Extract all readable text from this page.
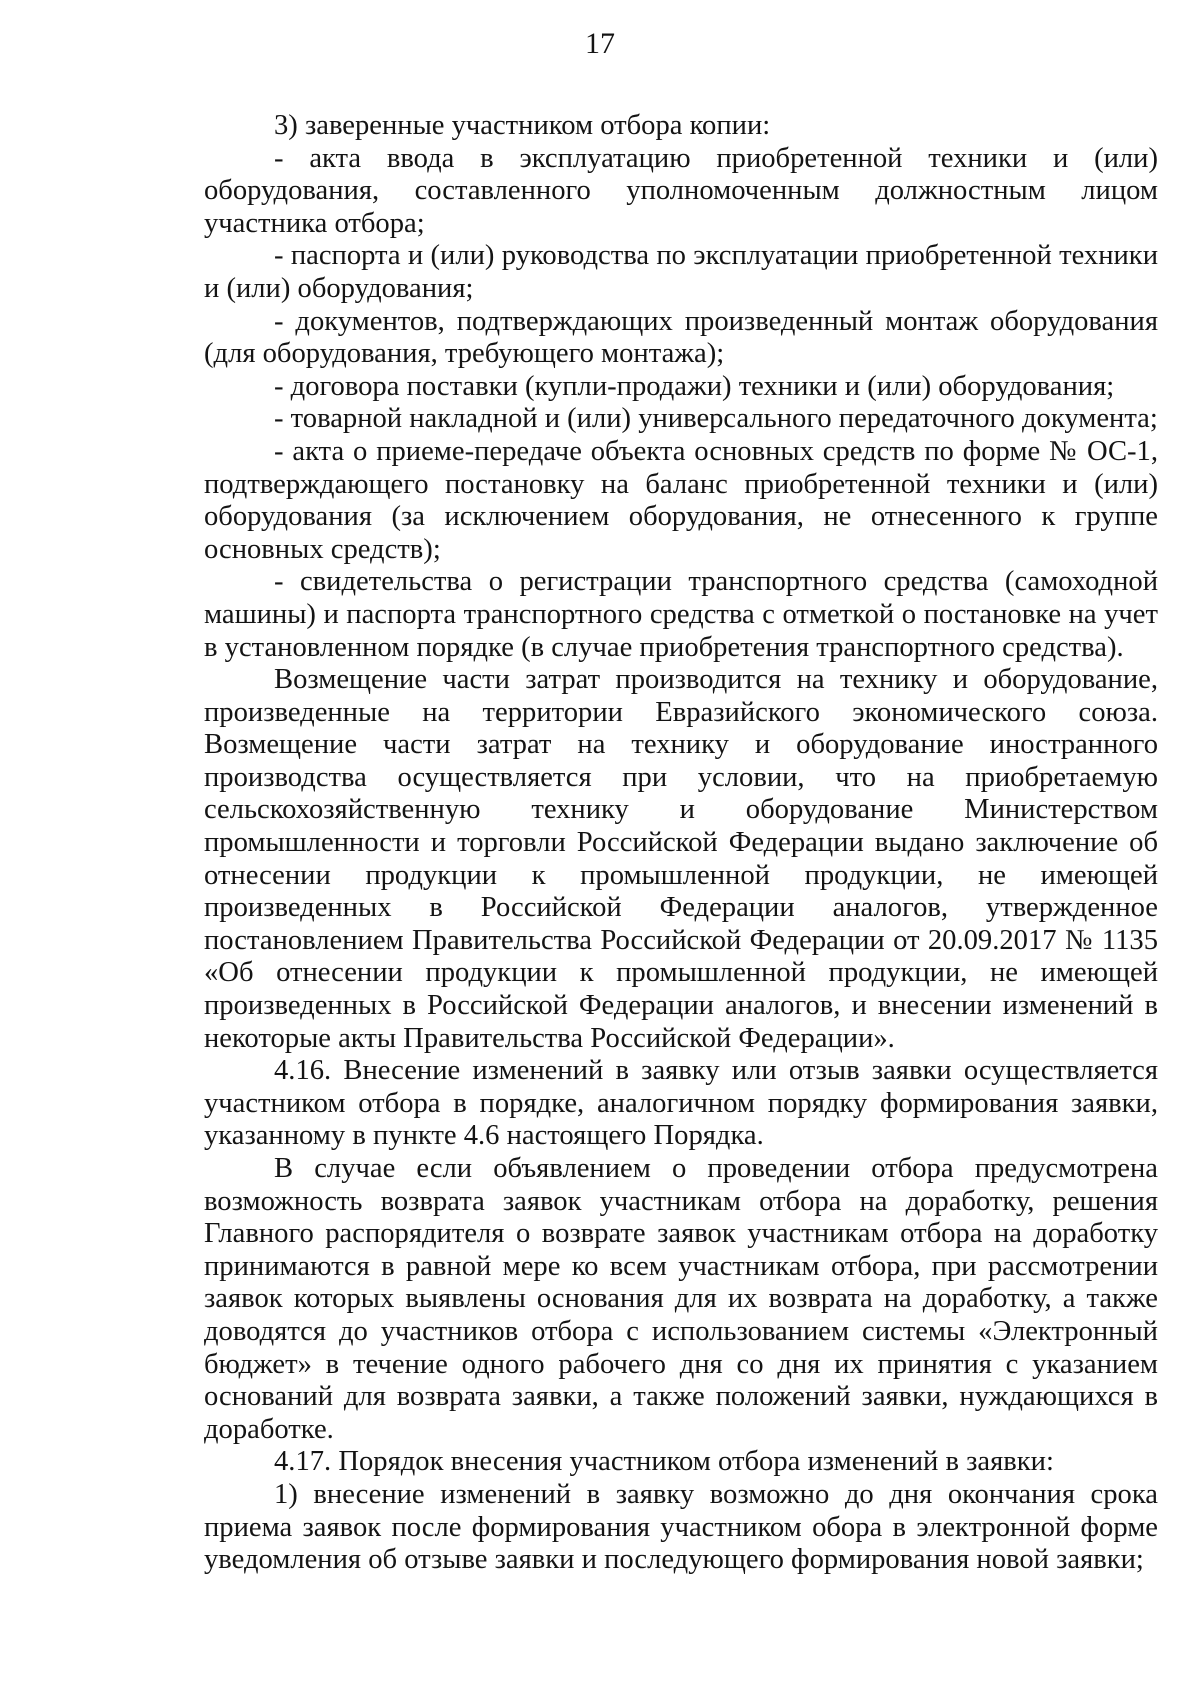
17

3) заверенные участником отбора копии:

- акта ввода в эксплуатацию приобретенной техники и (или) оборудования, составленного уполномоченным должностным лицом участника отбора;

- паспорта и (или) руководства по эксплуатации приобретенной техники и (или) оборудования;

- документов, подтверждающих произведенный монтаж оборудования (для оборудования, требующего монтажа);

- договора поставки (купли-продажи) техники и (или) оборудования;

- товарной накладной и (или) универсального передаточного документа;

- акта о приеме-передаче объекта основных средств по форме № ОС-1, подтверждающего постановку на баланс приобретенной техники и (или) оборудования (за исключением оборудования, не отнесенного к группе основных средств);

- свидетельства о регистрации транспортного средства (самоходной машины) и паспорта транспортного средства с отметкой о постановке на учет в установленном порядке (в случае приобретения транспортного средства).

Возмещение части затрат производится на технику и оборудование, произведенные на территории Евразийского экономического союза. Возмещение части затрат на технику и оборудование иностранного производства осуществляется при условии, что на приобретаемую сельскохозяйственную технику и оборудование Министерством промышленности и торговли Российской Федерации выдано заключение об отнесении продукции к промышленной продукции, не имеющей произведенных в Российской Федерации аналогов, утвержденное постановлением Правительства Российской Федерации от 20.09.2017 № 1135 «Об отнесении продукции к промышленной продукции, не имеющей произведенных в Российской Федерации аналогов, и внесении изменений в некоторые акты Правительства Российской Федерации».

4.16. Внесение изменений в заявку или отзыв заявки осуществляется участником отбора в порядке, аналогичном порядку формирования заявки, указанному в пункте 4.6 настоящего Порядка.

В случае если объявлением о проведении отбора предусмотрена возможность возврата заявок участникам отбора на доработку, решения Главного распорядителя о возврате заявок участникам отбора на доработку принимаются в равной мере ко всем участникам отбора, при рассмотрении заявок которых выявлены основания для их возврата на доработку, а также доводятся до участников отбора с использованием системы «Электронный бюджет» в течение одного рабочего дня со дня их принятия с указанием оснований для возврата заявки, а также положений заявки, нуждающихся в доработке.

4.17. Порядок внесения участником отбора изменений в заявки:

1) внесение изменений в заявку возможно до дня окончания срока приема заявок после формирования участником обора в электронной форме уведомления об отзыве заявки и последующего формирования новой заявки;
